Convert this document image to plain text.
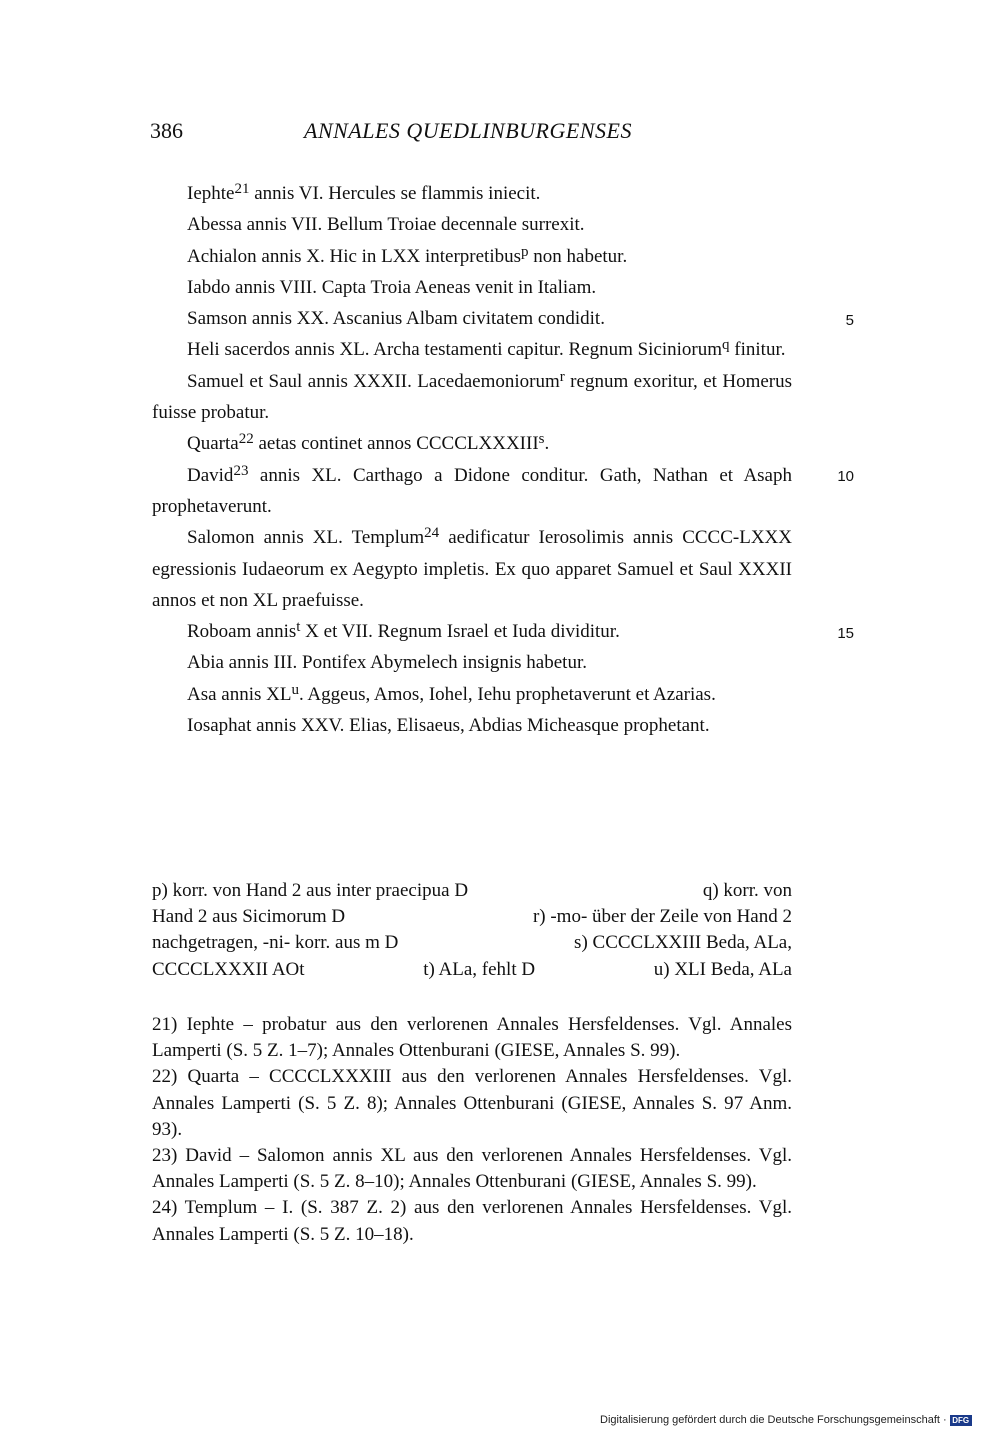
386	ANNALES QUEDLINBURGENSES

Iephte$^{21}$ annis VI. Hercules se flammis iniecit.

Abessa annis VII. Bellum Troiae decennale surrexit.

Achialon annis X. Hic in LXX interpretibus$^p$ non habetur.

Iabdo annis VIII. Capta Troia Aeneas venit in Italiam.

Samson annis XX. Ascanius Albam civitatem condidit.

Heli sacerdos annis XL. Archa testamenti capitur. Regnum Siciniorum$^q$ finitur.

Samuel et Saul annis XXXII. Lacedaemoniorum$^r$ regnum exoritur, et Homerus fuisse probatur.

Quarta$^{22}$ aetas continet annos CCCCLXXXIII$^s$.

David$^{23}$ annis XL. Carthago a Didone conditur. Gath, Nathan et Asaph prophetaverunt.

Salomon annis XL. Templum$^{24}$ aedificatur Ierosolimis annis CCCC-LXXX egressionis Iudaeorum ex Aegypto impletis. Ex quo apparet Samuel et Saul XXXII annos et non XL praefuisse.

Roboam annis$^t$ X et VII. Regnum Israel et Iuda dividitur.

Abia annis III. Pontifex Abymelech insignis habetur.

Asa annis $XL^u$. Aggeus, Amos, Iohel, Iehu prophetaverunt et Azarias.

Iosaphat annis XXV. Elias, Elisaeus, Abdias Micheasque prophetant.

5
10
15
p) korr. von Hand 2 aus inter praecipua D	q) korr. von
Hand 2 aus Sicimorum D	r) -mo- über der Zeile von Hand 2
nachgetragen, -ni- korr. aus m D	s) CCCCLXXIII Beda, ALa,
CCCCLXXXII AOt	t) ALa, fehlt D	u) XLI Beda, ALa

21) Iephte – probatur aus den verlorenen Annales Hersfeldenses. Vgl. Annales Lamperti (S. 5 Z. 1–7); Annales Ottenburani (GIESE, Annales S. 99).

22) Quarta – CCCCLXXXIII aus den verlorenen Annales Hersfeldenses. Vgl. Annales Lamperti (S. 5 Z. 8); Annales Ottenburani (GIESE, Annales S. 97 Anm. 93).

23) David – Salomon annis XL aus den verlorenen Annales Hersfeldenses. Vgl. Annales Lamperti (S. 5 Z. 8–10); Annales Ottenburani (GIESE, Annales S. 99).

24) Templum – I. (S. 387 Z. 2) aus den verlorenen Annales Hersfeldenses. Vgl. Annales Lamperti (S. 5 Z. 10–18).

Digitalisierung gefördert durch die Deutsche Forschungsgemeinschaft · DFG
